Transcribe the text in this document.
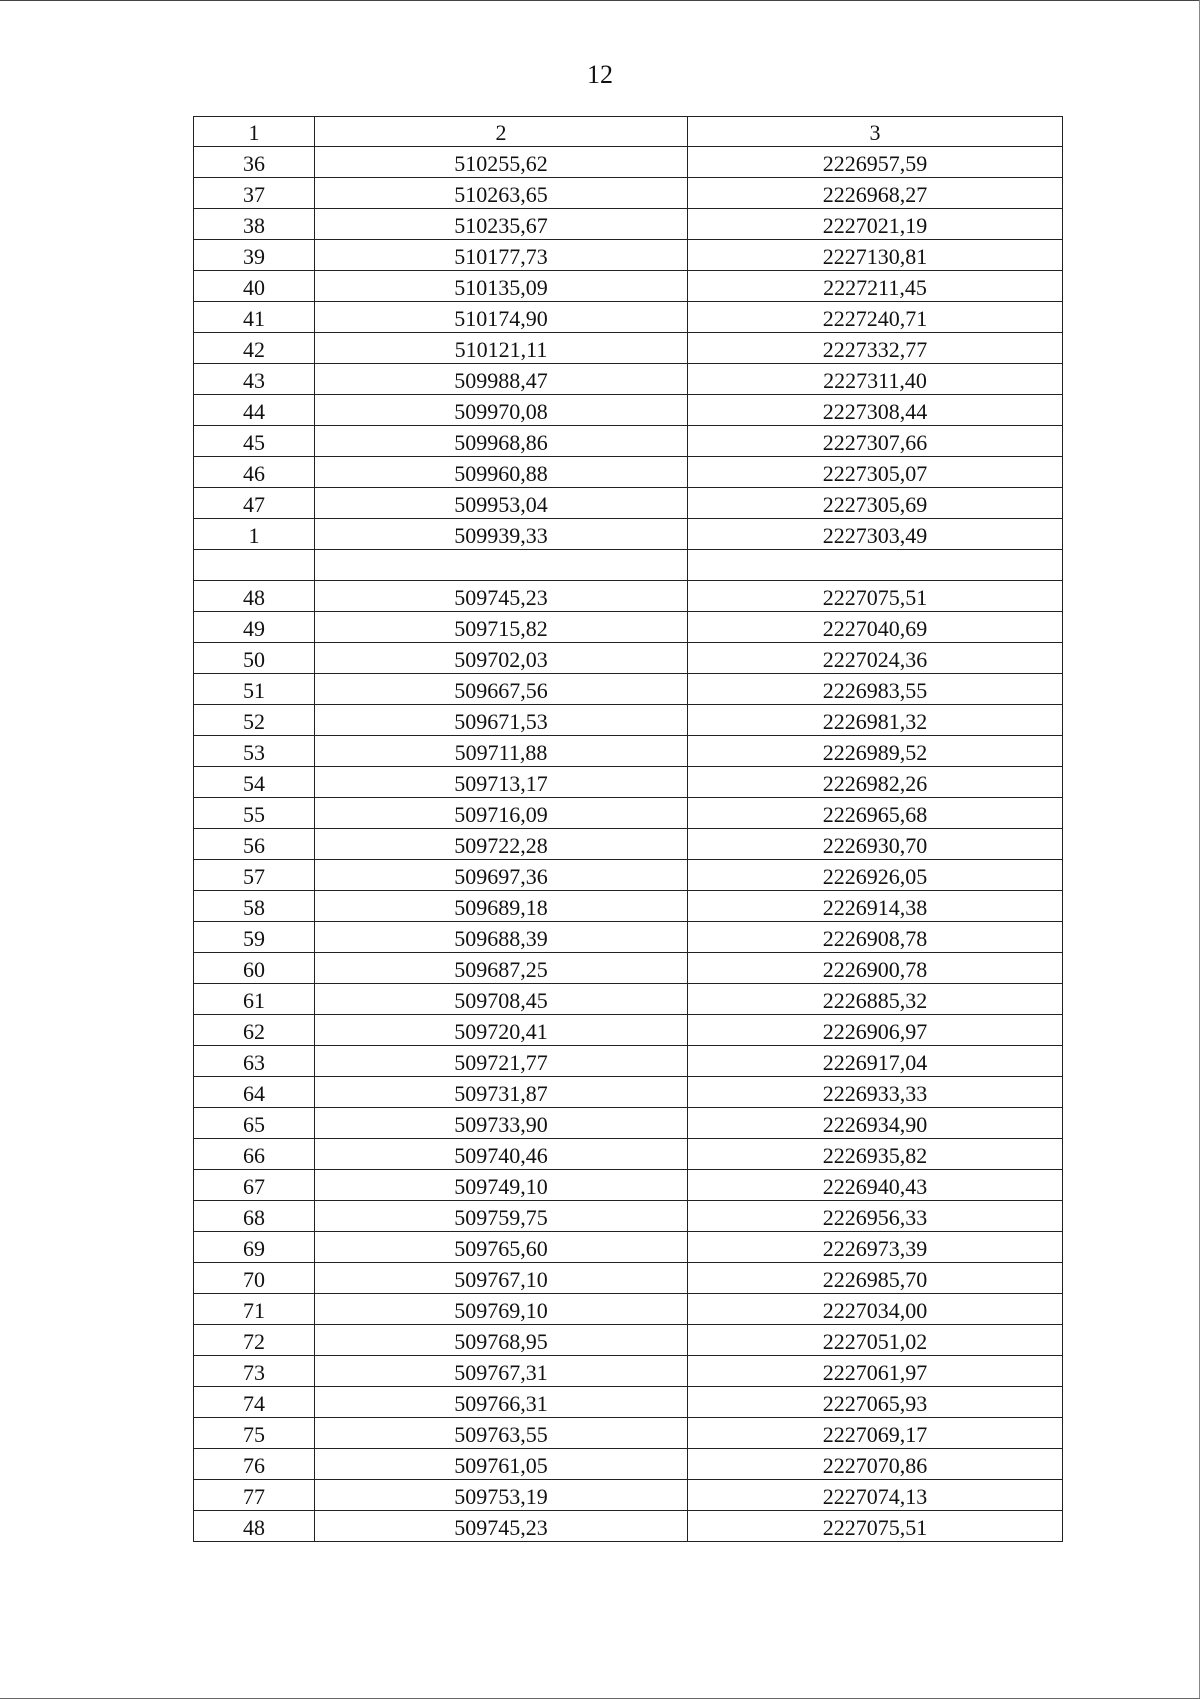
12
1	2	3
36	510255,62	2226957,59
37	510263,65	2226968,27
38	510235,67	2227021,19
39	510177,73	2227130,81
40	510135,09	2227211,45
41	510174,90	2227240,71
42	510121,11	2227332,77
43	509988,47	2227311,40
44	509970,08	2227308,44
45	509968,86	2227307,66
46	509960,88	2227305,07
47	509953,04	2227305,69
1	509939,33	2227303,49

48	509745,23	2227075,51
49	509715,82	2227040,69
50	509702,03	2227024,36
51	509667,56	2226983,55
52	509671,53	2226981,32
53	509711,88	2226989,52
54	509713,17	2226982,26
55	509716,09	2226965,68
56	509722,28	2226930,70
57	509697,36	2226926,05
58	509689,18	2226914,38
59	509688,39	2226908,78
60	509687,25	2226900,78
61	509708,45	2226885,32
62	509720,41	2226906,97
63	509721,77	2226917,04
64	509731,87	2226933,33
65	509733,90	2226934,90
66	509740,46	2226935,82
67	509749,10	2226940,43
68	509759,75	2226956,33
69	509765,60	2226973,39
70	509767,10	2226985,70
71	509769,10	2227034,00
72	509768,95	2227051,02
73	509767,31	2227061,97
74	509766,31	2227065,93
75	509763,55	2227069,17
76	509761,05	2227070,86
77	509753,19	2227074,13
48	509745,23	2227075,51
